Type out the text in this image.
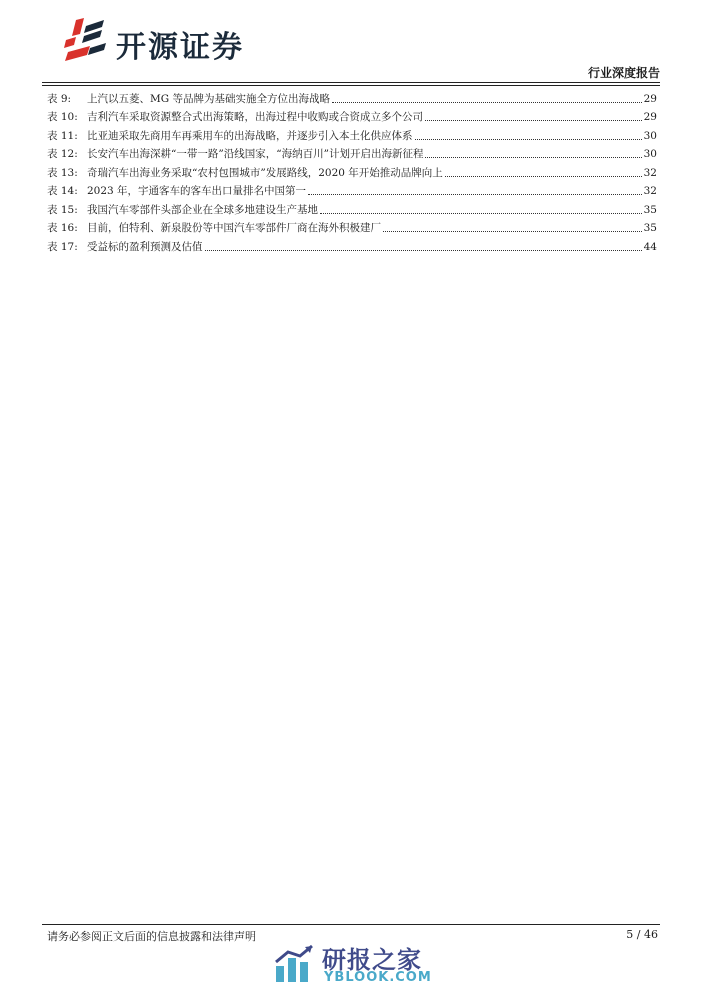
开源证券
行业深度报告
表 9:	上汽以五菱、MG 等品牌为基础实施全方位出海战略	29
表 10: 吉利汽车采取资源整合式出海策略，出海过程中收购或合资成立多个公司	29
表 11: 比亚迪采取先商用车再乘用车的出海战略，并逐步引入本土化供应体系	30
表 12: 长安汽车出海深耕“一带一路”沿线国家，“海纳百川”计划开启出海新征程	30
表 13: 奇瑞汽车出海业务采取“农村包围城市”发展路线，2020 年开始推动品牌向上	32
表 14: 2023 年，宇通客车的客车出口量排名中国第一	32
表 15: 我国汽车零部件头部企业在全球多地建设生产基地	35
表 16: 目前，伯特利、新泉股份等中国汽车零部件厂商在海外积极建厂	35
表 17: 受益标的盈利预测及估值	44
请务必参阅正文后面的信息披露和法律声明	5 / 46
研报之家
YBLOOK.COM
